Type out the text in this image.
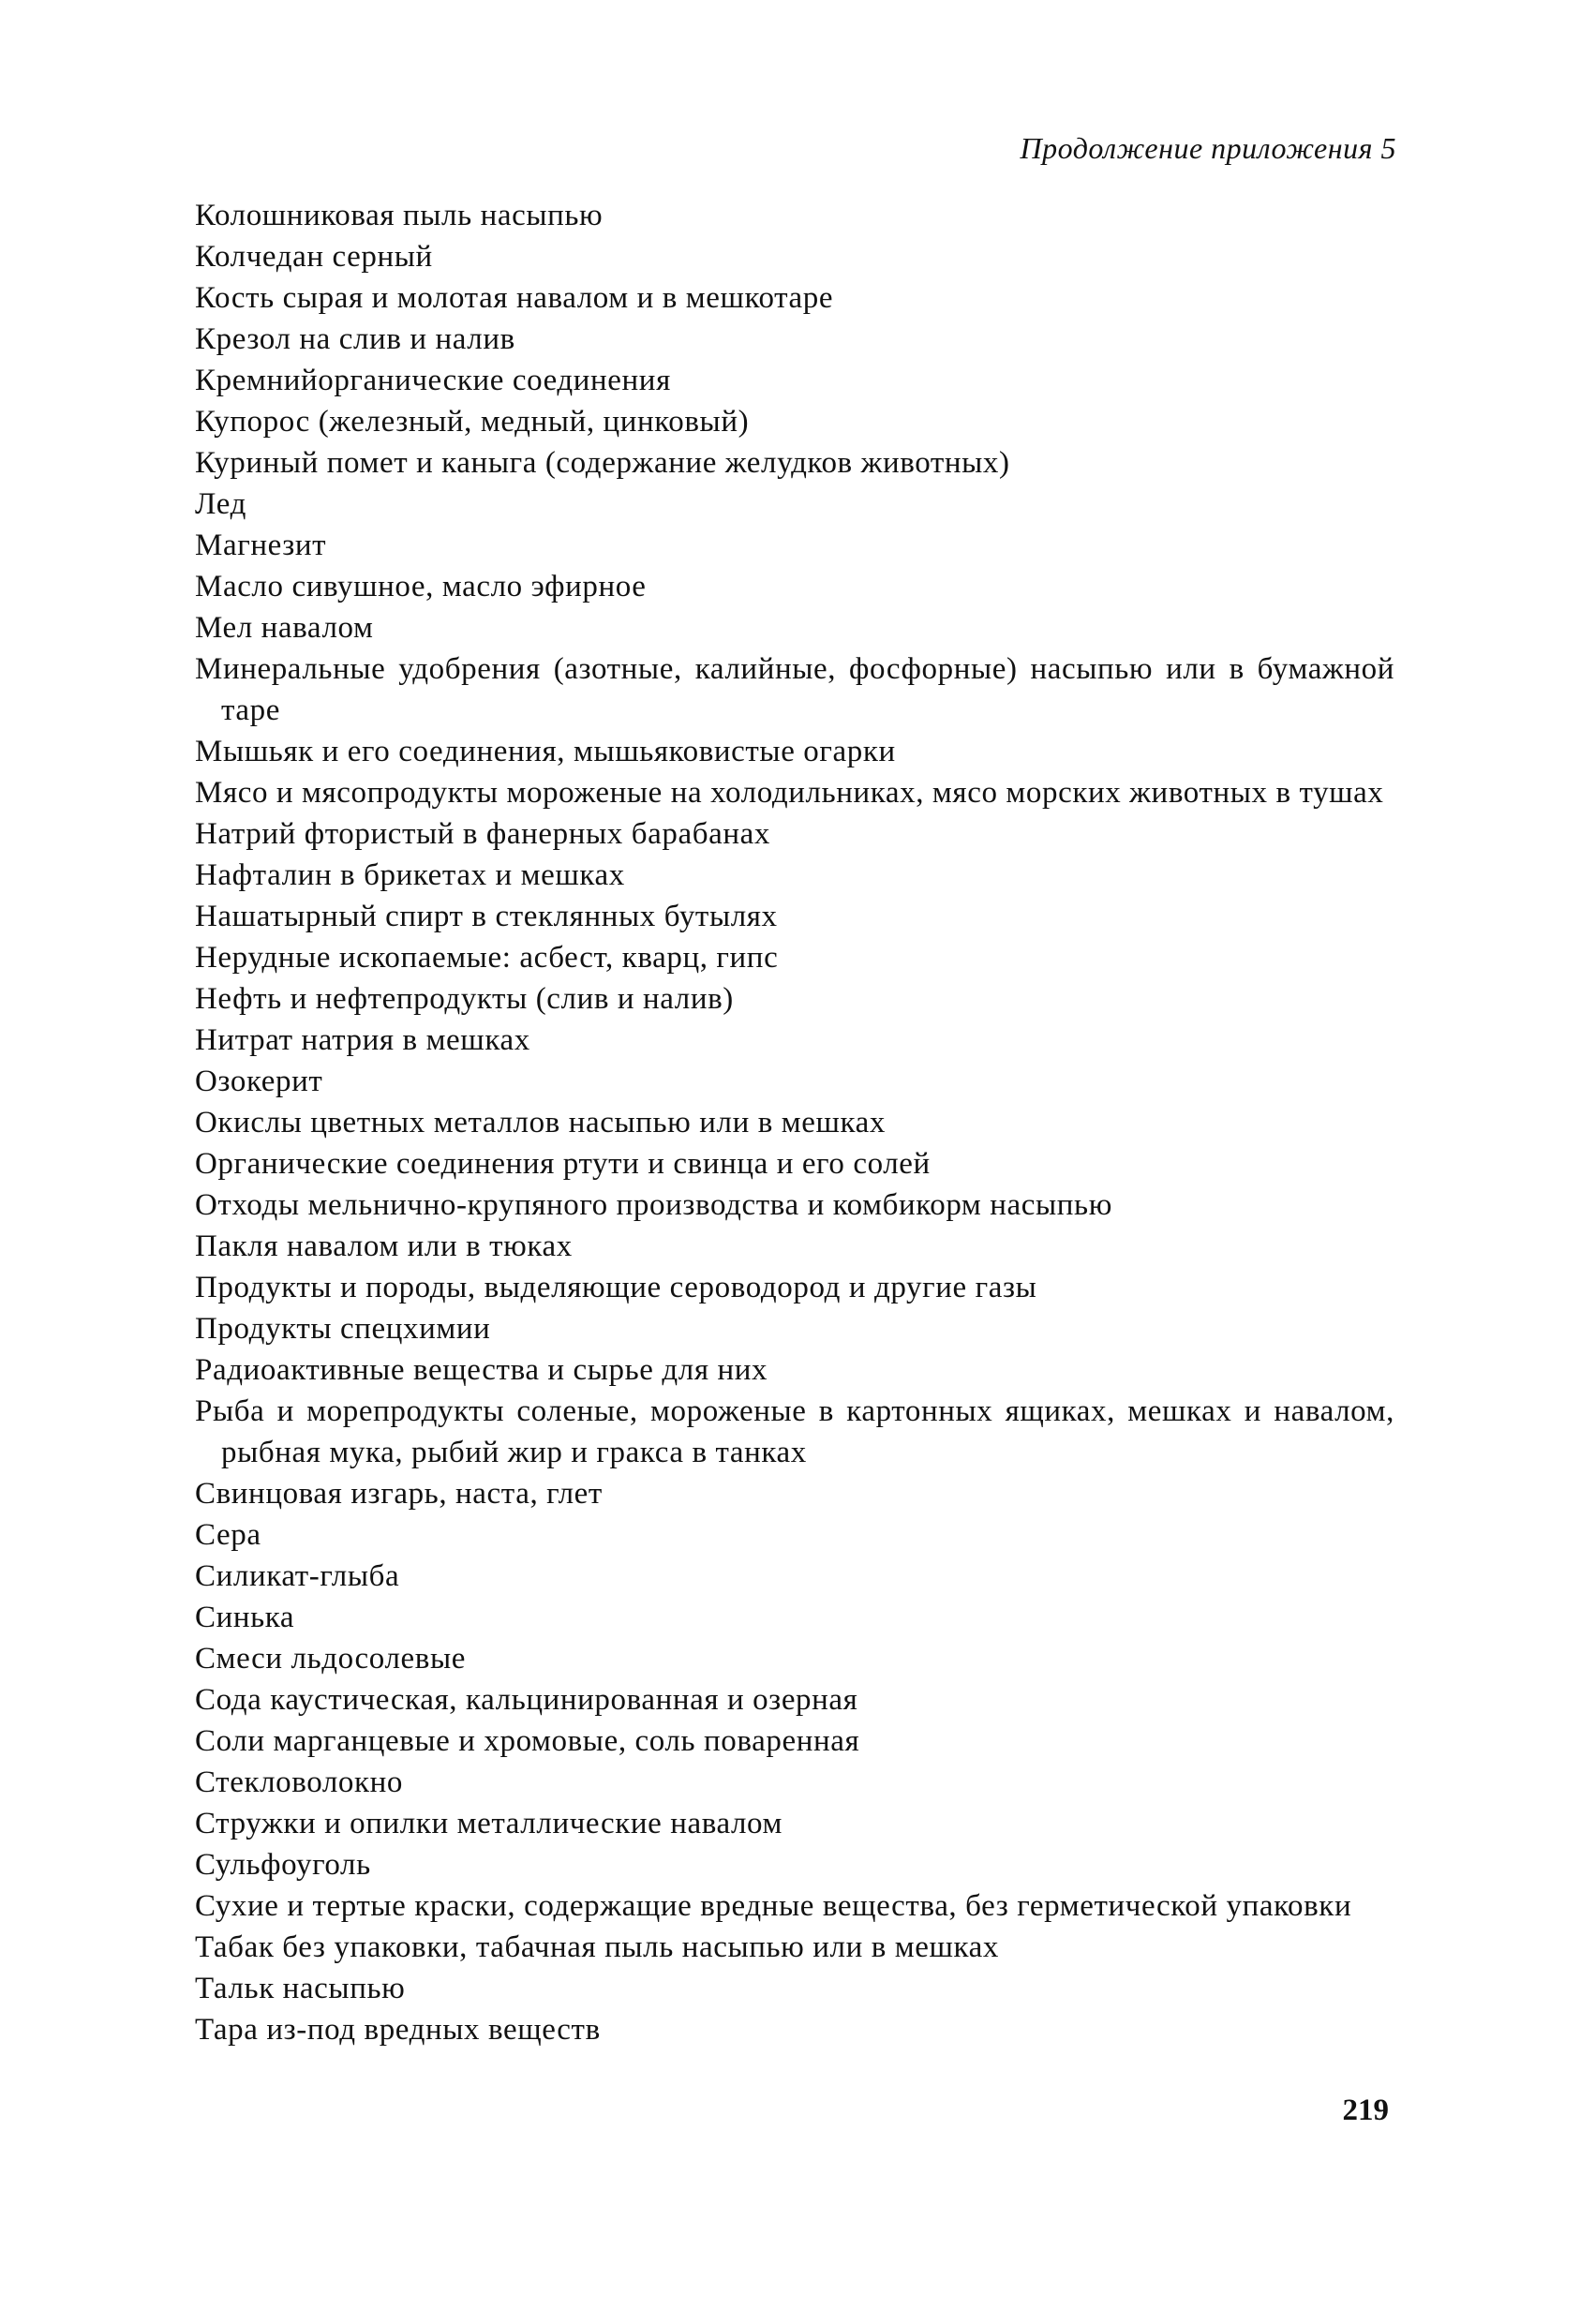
Продолжение приложения 5
Колошниковая пыль насыпью
Колчедан серный
Кость сырая и молотая навалом и в мешкотаре
Крезол на слив и налив
Кремнийорганические соединения
Купорос (железный, медный, цинковый)
Куриный помет и каныга (содержание желудков животных)
Лед
Магнезит
Масло сивушное, масло эфирное
Мел навалом
Минеральные удобрения (азотные, калийные, фосфорные) насыпью или в бумажной таре
Мышьяк и его соединения, мышьяковистые огарки
Мясо и мясопродукты мороженые на холодильниках, мясо морских животных в тушах
Натрий фтористый в фанерных барабанах
Нафталин в брикетах и мешках
Нашатырный спирт в стеклянных бутылях
Нерудные ископаемые: асбест, кварц, гипс
Нефть и нефтепродукты (слив и налив)
Нитрат натрия в мешках
Озокерит
Окислы цветных металлов насыпью или в мешках
Органические соединения ртути и свинца и его солей
Отходы мельнично-крупяного производства и комбикорм насыпью
Пакля навалом или в тюках
Продукты и породы, выделяющие сероводород и другие газы
Продукты спецхимии
Радиоактивные вещества и сырье для них
Рыба и морепродукты соленые, мороженые в картонных ящиках, мешках и навалом, рыбная мука, рыбий жир и гракса в танках
Свинцовая изгарь, наста, глет
Сера
Силикат-глыба
Синька
Смеси льдосолевые
Сода каустическая, кальцинированная и озерная
Соли марганцевые и хромовые, соль поваренная
Стекловолокно
Стружки и опилки металлические навалом
Сульфоуголь
Сухие и тертые краски, содержащие вредные вещества, без герметической упаковки
Табак без упаковки, табачная пыль насыпью или в мешках
Тальк насыпью
Тара из-под вредных веществ
219
